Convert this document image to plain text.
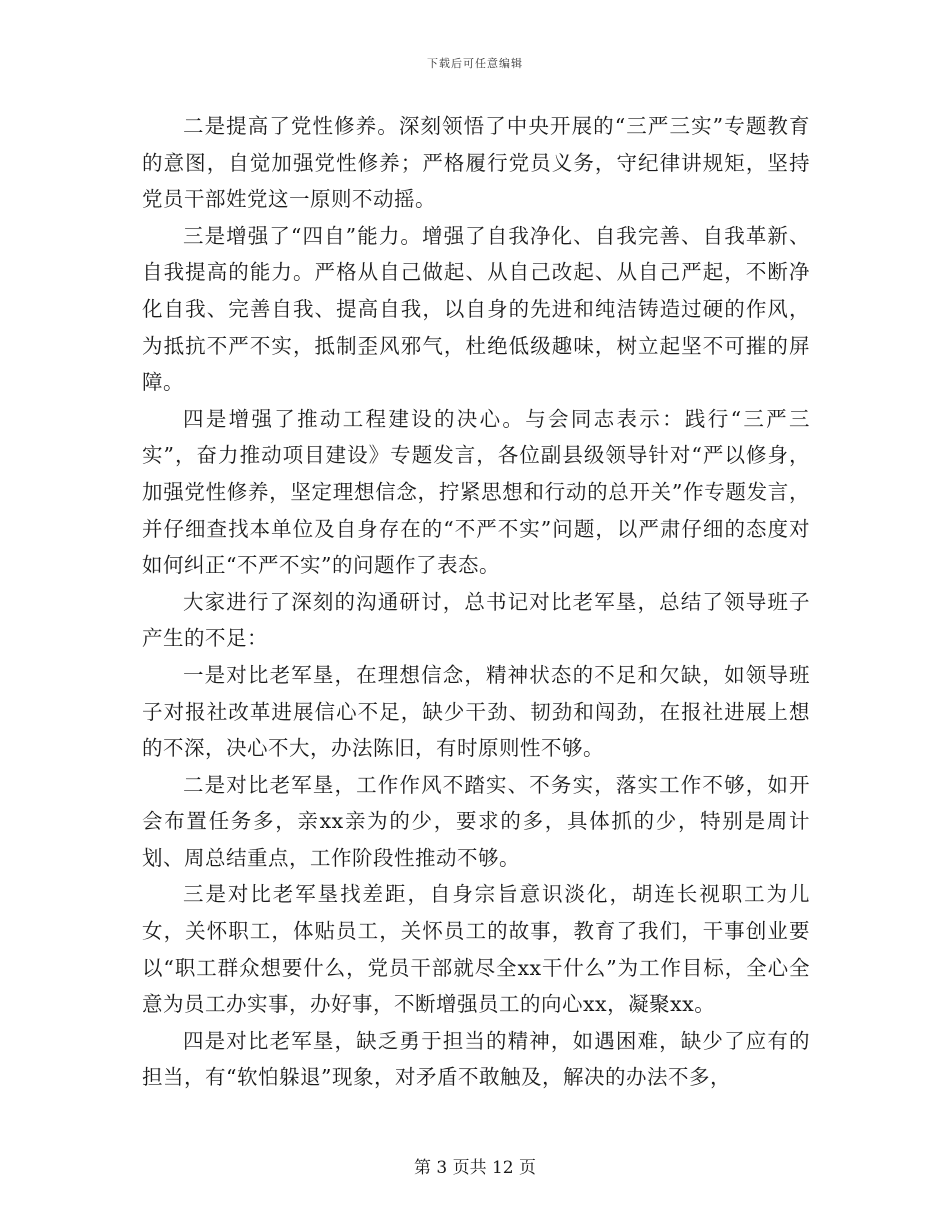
下载后可任意编辑

二是提高了党性修养。深刻领悟了中央开展的“三严三实”专题教育的意图，自觉加强党性修养；严格履行党员义务，守纪律讲规矩，坚持党员干部姓党这一原则不动摇。

三是增强了“四自”能力。增强了自我净化、自我完善、自我革新、自我提高的能力。严格从自己做起、从自己改起、从自己严起，不断净化自我、完善自我、提高自我，以自身的先进和纯洁铸造过硬的作风，为抵抗不严不实，抵制歪风邪气，杜绝低级趣味，树立起坚不可摧的屏障。

四是增强了推动工程建设的决心。与会同志表示：践行“三严三实”，奋力推动项目建设》专题发言，各位副县级领导针对“严以修身，加强党性修养，坚定理想信念，拧紧思想和行动的总开关”作专题发言，并仔细查找本单位及自身存在的“不严不实”问题，以严肃仔细的态度对如何纠正“不严不实”的问题作了表态。

大家进行了深刻的沟通研讨，总书记对比老军垦，总结了领导班子产生的不足：

一是对比老军垦，在理想信念，精神状态的不足和欠缺，如领导班子对报社改革进展信心不足，缺少干劲、韧劲和闯劲，在报社进展上想的不深，决心不大，办法陈旧，有时原则性不够。

二是对比老军垦，工作作风不踏实、不务实，落实工作不够，如开会布置任务多，亲xx亲为的少，要求的多，具体抓的少，特别是周计划、周总结重点，工作阶段性推动不够。

三是对比老军垦找差距，自身宗旨意识淡化，胡连长视职工为儿女，关怀职工，体贴员工，关怀员工的故事，教育了我们，干事创业要以“职工群众想要什么，党员干部就尽全xx干什么”为工作目标，全心全意为员工办实事，办好事，不断增强员工的向心xx，凝聚xx。

四是对比老军垦，缺乏勇于担当的精神，如遇困难，缺少了应有的担当，有“软怕躲退”现象，对矛盾不敢触及，解决的办法不多，

第 3 页共 12 页
